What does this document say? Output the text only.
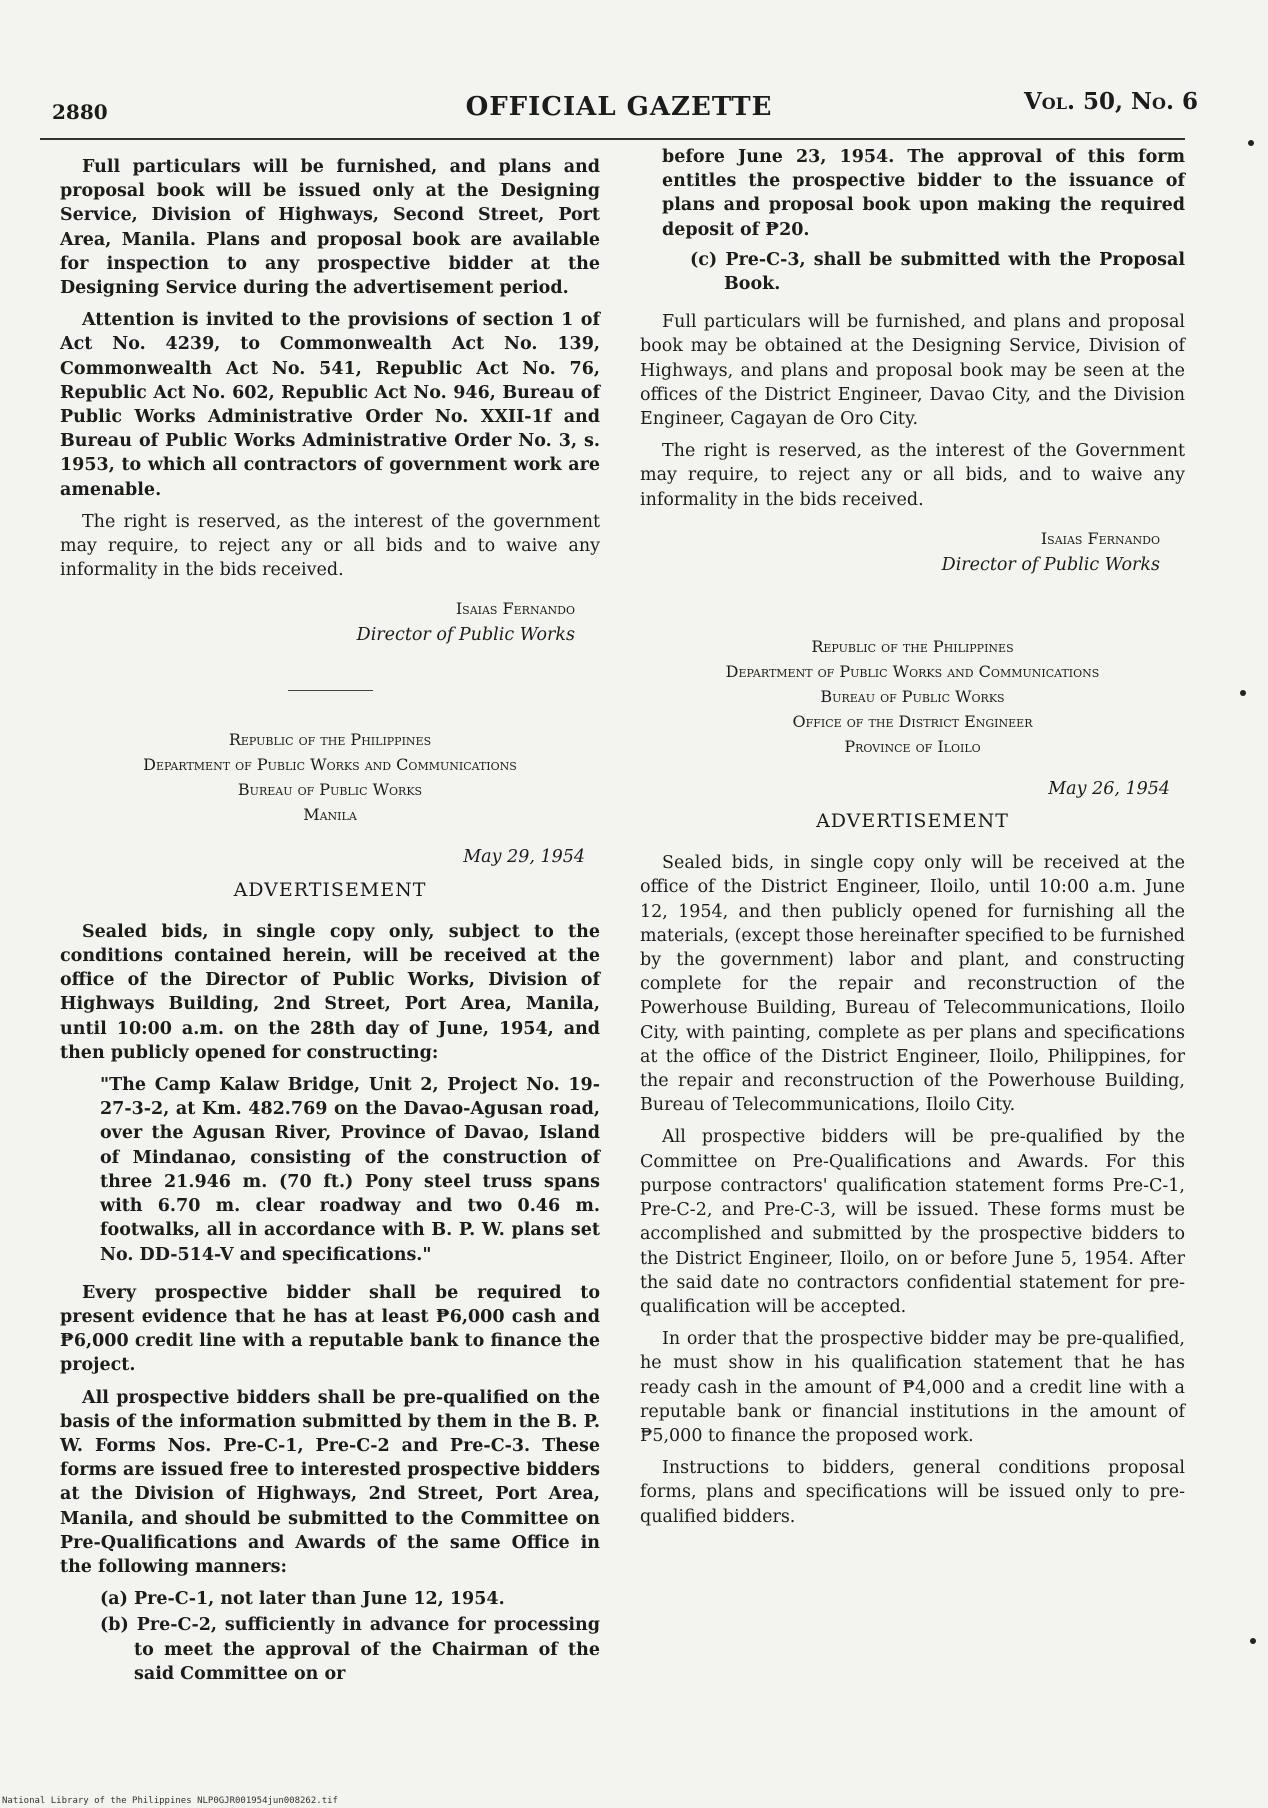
2880	OFFICIAL GAZETTE	Vol. 50, No. 6

Full particulars will be furnished, and plans and proposal book will be issued only at the Designing Service, Division of Highways, Second Street, Port Area, Manila. Plans and proposal book are available for inspection to any prospective bidder at the Designing Service during the advertisement period.

Attention is invited to the provisions of section 1 of Act No. 4239, to Commonwealth Act No. 139, Commonwealth Act No. 541, Republic Act No. 76, Republic Act No. 602, Republic Act No. 946, Bureau of Public Works Administrative Order No. XXII-1f and Bureau of Public Works Administrative Order No. 3, s. 1953, to which all contractors of government work are amenable.

The right is reserved, as the interest of the government may require, to reject any or all bids and to waive any informality in the bids received.

Isaias Fernando
Director of Public Works
Republic of the Philippines
Department of Public Works and Communications
Bureau of Public Works
Manila
May 29, 1954
ADVERTISEMENT

Sealed bids, in single copy only, subject to the conditions contained herein, will be received at the office of the Director of Public Works, Division of Highways Building, 2nd Street, Port Area, Manila, until 10:00 a.m. on the 28th day of June, 1954, and then publicly opened for constructing:

"The Camp Kalaw Bridge, Unit 2, Project No. 19-27-3-2, at Km. 482.769 on the Davao-Agusan road, over the Agusan River, Province of Davao, Island of Mindanao, consisting of the construction of three 21.946 m. (70 ft.) Pony steel truss spans with 6.70 m. clear roadway and two 0.46 m. footwalks, all in accordance with B. P. W. plans set No. DD-514-V and specifications."

Every prospective bidder shall be required to present evidence that he has at least ₱6,000 cash and ₱6,000 credit line with a reputable bank to finance the project.

All prospective bidders shall be pre-qualified on the basis of the information submitted by them in the B. P. W. Forms Nos. Pre-C-1, Pre-C-2 and Pre-C-3. These forms are issued free to interested prospective bidders at the Division of Highways, 2nd Street, Port Area, Manila, and should be submitted to the Committee on Pre-Qualifications and Awards of the same Office in the following manners:

(a) Pre-C-1, not later than June 12, 1954.
(b) Pre-C-2, sufficiently in advance for processing to meet the approval of the Chairman of the said Committee on or
before June 23, 1954. The approval of this form entitles the prospective bidder to the issuance of plans and proposal book upon making the required deposit of ₱20.
(c) Pre-C-3, shall be submitted with the Proposal Book.

Full particulars will be furnished, and plans and proposal book may be obtained at the Designing Service, Division of Highways, and plans and proposal book may be seen at the offices of the District Engineer, Davao City, and the Division Engineer, Cagayan de Oro City.

The right is reserved, as the interest of the Government may require, to reject any or all bids, and to waive any informality in the bids received.

Isaias Fernando
Director of Public Works
Republic of the Philippines
Department of Public Works and Communications
Bureau of Public Works
Office of the District Engineer
Province of Iloilo
May 26, 1954
ADVERTISEMENT

Sealed bids, in single copy only will be received at the office of the District Engineer, Iloilo, until 10:00 a.m. June 12, 1954, and then publicly opened for furnishing all the materials, (except those hereinafter specified to be furnished by the government) labor and plant, and constructing complete for the repair and reconstruction of the Powerhouse Building, Bureau of Telecommunications, Iloilo City, with painting, complete as per plans and specifications at the office of the District Engineer, Iloilo, Philippines, for the repair and reconstruction of the Powerhouse Building, Bureau of Telecommunications, Iloilo City.

All prospective bidders will be pre-qualified by the Committee on Pre-Qualifications and Awards. For this purpose contractors' qualification statement forms Pre-C-1, Pre-C-2, and Pre-C-3, will be issued. These forms must be accomplished and submitted by the prospective bidders to the District Engineer, Iloilo, on or before June 5, 1954. After the said date no contractors confidential statement for pre-qualification will be accepted.

In order that the prospective bidder may be pre-qualified, he must show in his qualification statement that he has ready cash in the amount of ₱4,000 and a credit line with a reputable bank or financial institutions in the amount of ₱5,000 to finance the proposed work.

Instructions to bidders, general conditions proposal forms, plans and specifications will be issued only to pre-qualified bidders.

National Library of the Philippines NLP0GJR001954jun008262.tif
